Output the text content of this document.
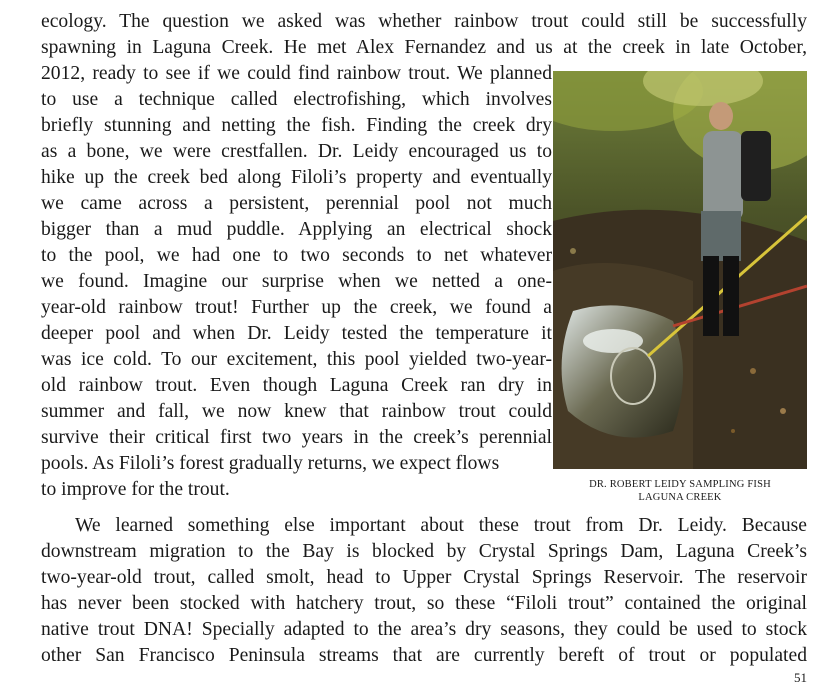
ecology. The question we asked was whether rainbow trout could still be successfully
spawning in Laguna Creek. He met Alex Fernandez and us at the creek in late October,
2012, ready to see if we could find rainbow trout. We planned
to use a technique called electrofishing, which involves
briefly stunning and netting the fish. Finding the creek dry
as a bone, we were crestfallen. Dr. Leidy encouraged us to
hike up the creek bed along Filoli’s property and eventually
we came across a persistent, perennial pool not much
bigger than a mud puddle. Applying an electrical shock
to the pool, we had one to two seconds to net whatever
we found. Imagine our surprise when we netted a one-
year-old rainbow trout! Further up the creek, we found a
deeper pool and when Dr. Leidy tested the temperature it
was ice cold. To our excitement, this pool yielded two-year-
old rainbow trout. Even though Laguna Creek ran dry in
summer and fall, we now knew that rainbow trout could
survive their critical first two years in the creek’s perennial
pools. As Filoli’s forest gradually returns, we expect flows
to improve for the trout.	DR. ROBERT LEIDY SAMPLING FISH
LAGUNA CREEK
We learned something else important about these trout from Dr. Leidy. Because
downstream migration to the Bay is blocked by Crystal Springs Dam, Laguna Creek’s
two-year-old trout, called smolt, head to Upper Crystal Springs Reservoir. The reservoir
has never been stocked with hatchery trout, so these “Filoli trout” contained the original
native trout DNA! Specially adapted to the area’s dry seasons, they could be used to stock
other San Francisco Peninsula streams that are currently bereft of trout or populated
51
